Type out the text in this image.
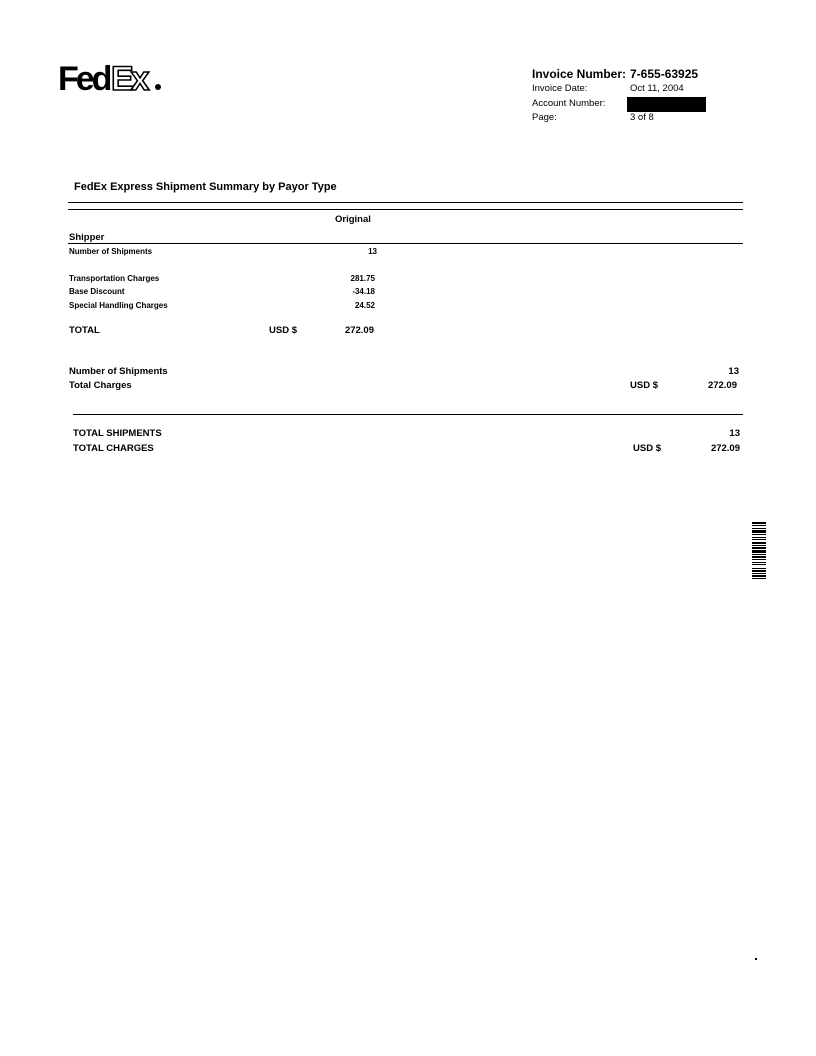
Fed Ex	Invoice Number: 7-655-63925
Invoice Date:	Oct 11, 2004
Account Number:
Page:	3 of 8
FedEx Express Shipment Summary by Payor Type
Original
Shipper
Number of Shipments	13
Transportation Charges	281.75
Base Discount	-34.18
Special Handling Charges	24.52
TOTAL	USD $	272.09
Number of Shipments	13
Total Charges	USD $	272.09
TOTAL SHIPMENTS	13
TOTAL CHARGES	USD $	272.09
